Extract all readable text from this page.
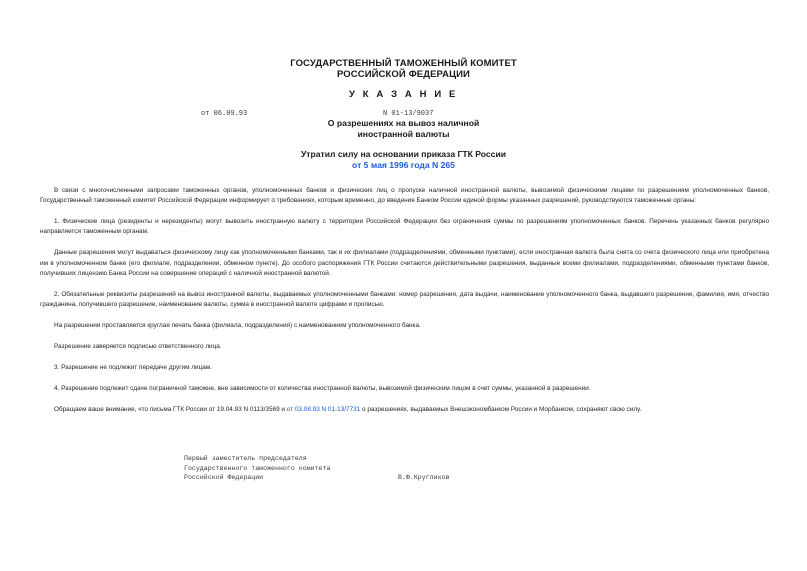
ГОСУДАРСТВЕННЫЙ ТАМОЖЕННЫЙ КОМИТЕТ
РОССИЙСКОЙ ФЕДЕРАЦИИ
У К А З А Н И Е
от 06.09.93	N 01-13/9037
О разрешениях на вывоз наличной
иностранной валюты
Утратил силу на основании приказа ГТК России
от 5 мая 1996 года N 265

В связи с многочисленными запросами таможенных органов, уполномоченных банков и физических лиц о пропуске наличной иностранной валюты, вывозимой физическими лицами по разрешениям уполномоченных банков, Государственный таможенный комитет Российской Федерации информирует о требованиях, которым временно, до введения Банком России единой формы указанных разрешений, руководствуются таможенные органы:

1. Физические лица (резиденты и нерезиденты) могут вывозить иностранную валюту с территории Российской Федерации без ограничения суммы по разрешениям уполномоченных банков. Перечень указанных банков регулярно направляется таможенным органам.

Данные разрешения могут выдаваться физическому лицу как уполномоченными банками, так и их филиалами (подразделениями, обменными пунктами), если иностранная валюта была снята со счета физического лица или приобретена им в уполномоченном банке (его филиале, подразделении, обменном пункте). До особого распоряжения ГТК России считаются действительными разрешения, выданные всеми филиалами, подразделениями, обменными пунктами банков, получивших лицензию Банка России на совершение операций с наличной иностранной валютой.

2. Обязательные реквизиты разрешений на вывоз иностранной валюты, выдаваемых уполномоченными банками: номер разрешения, дата выдачи, наименование уполномоченного банка, выдавшего разрешение, фамилия, имя, отчество гражданина, получившего разрешение, наименование валюты, сумма в иностранной валюте цифрами и прописью.

На разрешении проставляется круглая печать банка (филиала, подразделения) с наименованием уполномоченного банка.

Разрешение заверяется подписью ответственного лица.

3. Разрешение не подлежит передаче другим лицам.

4. Разрешение подлежит сдаче пограничной таможне, вне зависимости от количества иностранной валюты, вывозимой физическим лицом в счет суммы, указанной в разрешении.

Обращаем ваше внимание, что письма ГТК России от 19.04.93 N 0113/3569 и от 03.08.93 N 01-13/7731 о разрешениях, выдаваемых Внешэкономбанком России и Морбанком, сохраняют свою силу.

Первый заместитель председателя
Государственного таможенного комитета
Российской Федерации	В.Ф.Кругликов
